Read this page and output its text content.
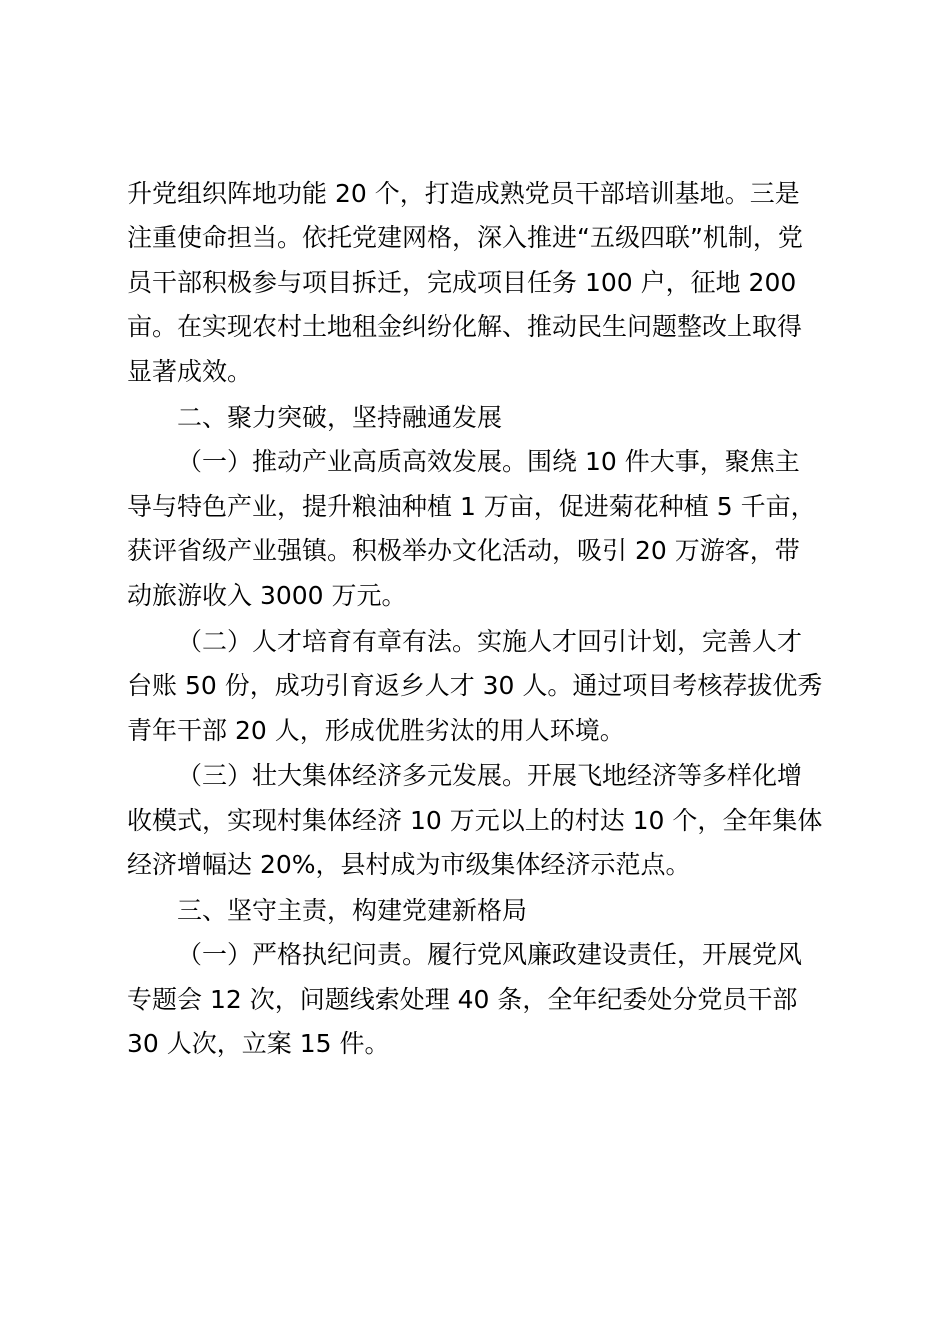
升党组织阵地功能 20 个，打造成熟党员干部培训基地。三是
注重使命担当。依托党建网格，深入推进“五级四联”机制，党
员干部积极参与项目拆迁，完成项目任务 100 户，征地 200
亩。在实现农村土地租金纠纷化解、推动民生问题整改上取得
显著成效。
二、聚力突破，坚持融通发展
（一）推动产业高质高效发展。围绕 10 件大事，聚焦主
导与特色产业，提升粮油种植 1 万亩，促进菊花种植 5 千亩，
获评省级产业强镇。积极举办文化活动，吸引 20 万游客，带
动旅游收入 3000 万元。
（二）人才培育有章有法。实施人才回引计划，完善人才
台账 50 份，成功引育返乡人才 30 人。通过项目考核荐拔优秀
青年干部 20 人，形成优胜劣汰的用人环境。
（三）壮大集体经济多元发展。开展飞地经济等多样化增
收模式，实现村集体经济 10 万元以上的村达 10 个，全年集体
经济增幅达 20%，县村成为市级集体经济示范点。
三、坚守主责，构建党建新格局
（一）严格执纪问责。履行党风廉政建设责任，开展党风
专题会 12 次，问题线索处理 40 条，全年纪委处分党员干部
30 人次，立案 15 件。
